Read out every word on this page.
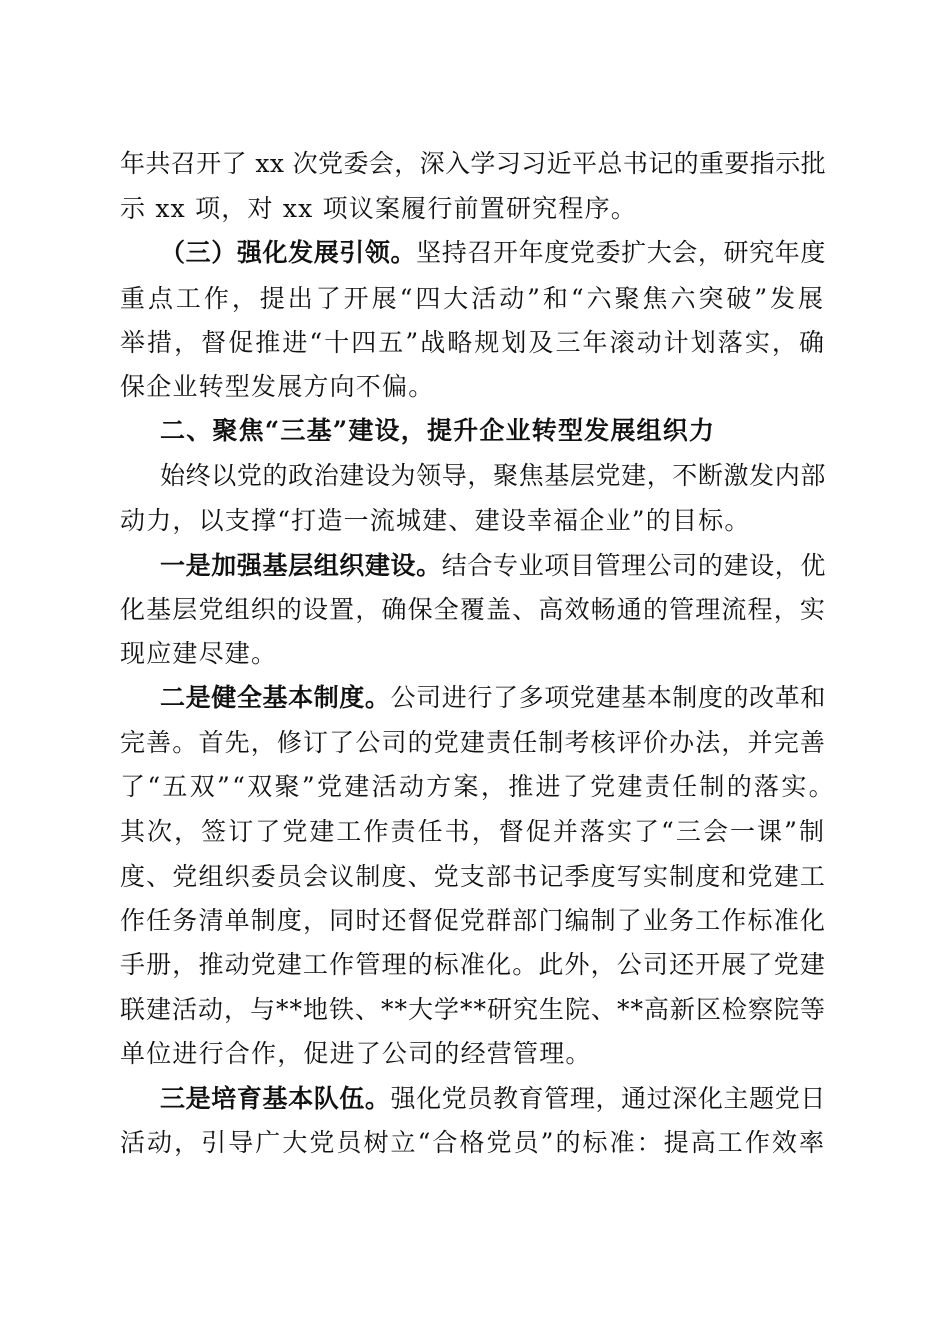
年共召开了 xx 次党委会，深入学习习近平总书记的重要指示批
示 xx 项，对 xx 项议案履行前置研究程序。
（三）强化发展引领。坚持召开年度党委扩大会，研究年度
重点工作，提出了开展“四大活动”和“六聚焦六突破”发展
举措，督促推进“十四五”战略规划及三年滚动计划落实，确
保企业转型发展方向不偏。
二、聚焦“三基”建设，提升企业转型发展组织力
始终以党的政治建设为领导，聚焦基层党建，不断激发内部
动力，以支撑“打造一流城建、建设幸福企业”的目标。
一是加强基层组织建设。结合专业项目管理公司的建设，优
化基层党组织的设置，确保全覆盖、高效畅通的管理流程，实
现应建尽建。
二是健全基本制度。公司进行了多项党建基本制度的改革和
完善。首先，修订了公司的党建责任制考核评价办法，并完善
了“五双”“双聚”党建活动方案，推进了党建责任制的落实。
其次，签订了党建工作责任书，督促并落实了“三会一课”制
度、党组织委员会议制度、党支部书记季度写实制度和党建工
作任务清单制度，同时还督促党群部门编制了业务工作标准化
手册，推动党建工作管理的标准化。此外，公司还开展了党建
联建活动，与**地铁、**大学**研究生院、**高新区检察院等
单位进行合作，促进了公司的经营管理。
三是培育基本队伍。强化党员教育管理，通过深化主题党日
活动，引导广大党员树立“合格党员”的标准：提高工作效率
